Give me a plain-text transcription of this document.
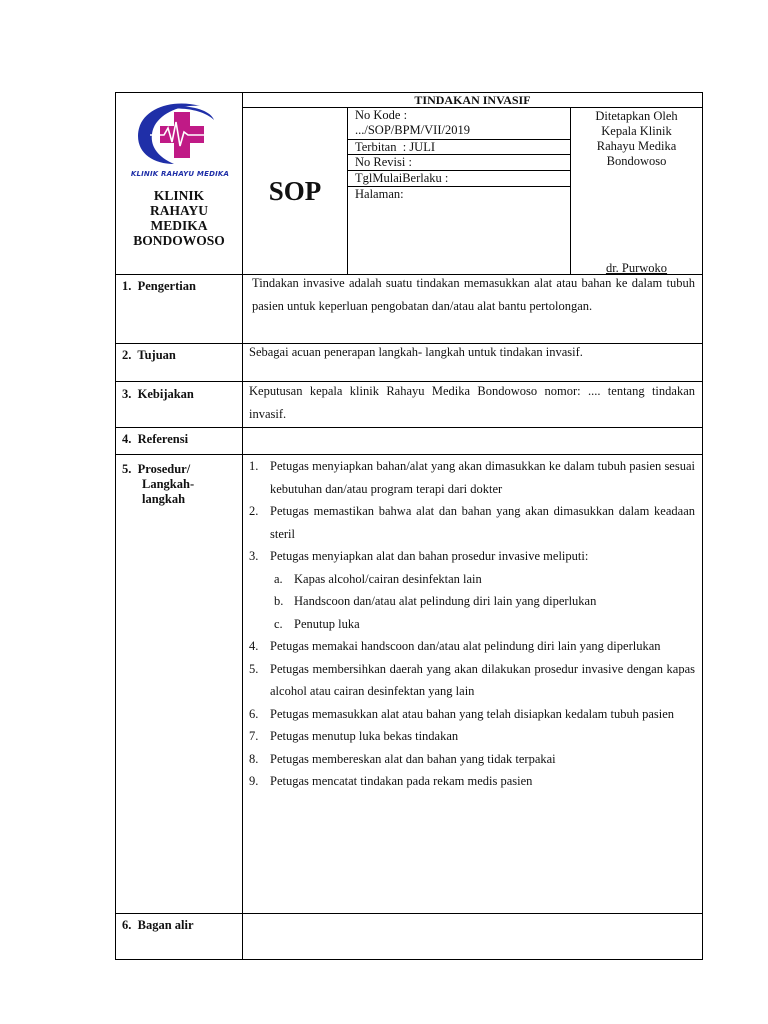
KLINIK RAHAYU MEDIKA
KLINIK
RAHAYU
MEDIKA
BONDOWOSO
TINDAKAN INVASIF
SOP
No Kode :
.../SOP/BPM/VII/2019
Terbitan  : JULI
No Revisi :
TglMulaiBerlaku :
Halaman:
Ditetapkan Oleh
Kepala Klinik
Rahayu Medika
Bondowoso
dr. Purwoko
1.  Pengertian	Tindakan invasive adalah suatu tindakan memasukkan alat atau bahan ke dalam tubuh pasien untuk keperluan pengobatan dan/atau alat bantu pertolongan.
2.  Tujuan	Sebagai acuan penerapan langkah- langkah untuk tindakan invasif.
3.  Kebijakan	Keputusan kepala klinik Rahayu Medika Bondowoso nomor: .... tentang tindakan invasif.
4.  Referensi
5.  Prosedur/
Langkah-
langkah
1. Petugas menyiapkan bahan/alat yang akan dimasukkan ke dalam tubuh pasien sesuai kebutuhan dan/atau program terapi dari dokter
2. Petugas memastikan bahwa alat dan bahan yang akan dimasukkan dalam keadaan steril
3. Petugas menyiapkan alat dan bahan prosedur invasive meliputi:
a. Kapas alcohol/cairan desinfektan lain
b. Handscoon dan/atau alat pelindung diri lain yang diperlukan
c. Penutup luka
4. Petugas memakai handscoon dan/atau alat pelindung diri lain yang diperlukan
5. Petugas membersihkan daerah yang akan dilakukan prosedur invasive dengan kapas alcohol atau cairan desinfektan yang lain
6. Petugas memasukkan alat atau bahan yang telah disiapkan kedalam tubuh pasien
7. Petugas menutup luka bekas tindakan
8. Petugas membereskan alat dan bahan yang tidak terpakai
9. Petugas mencatat tindakan pada rekam medis pasien
6.  Bagan alir
